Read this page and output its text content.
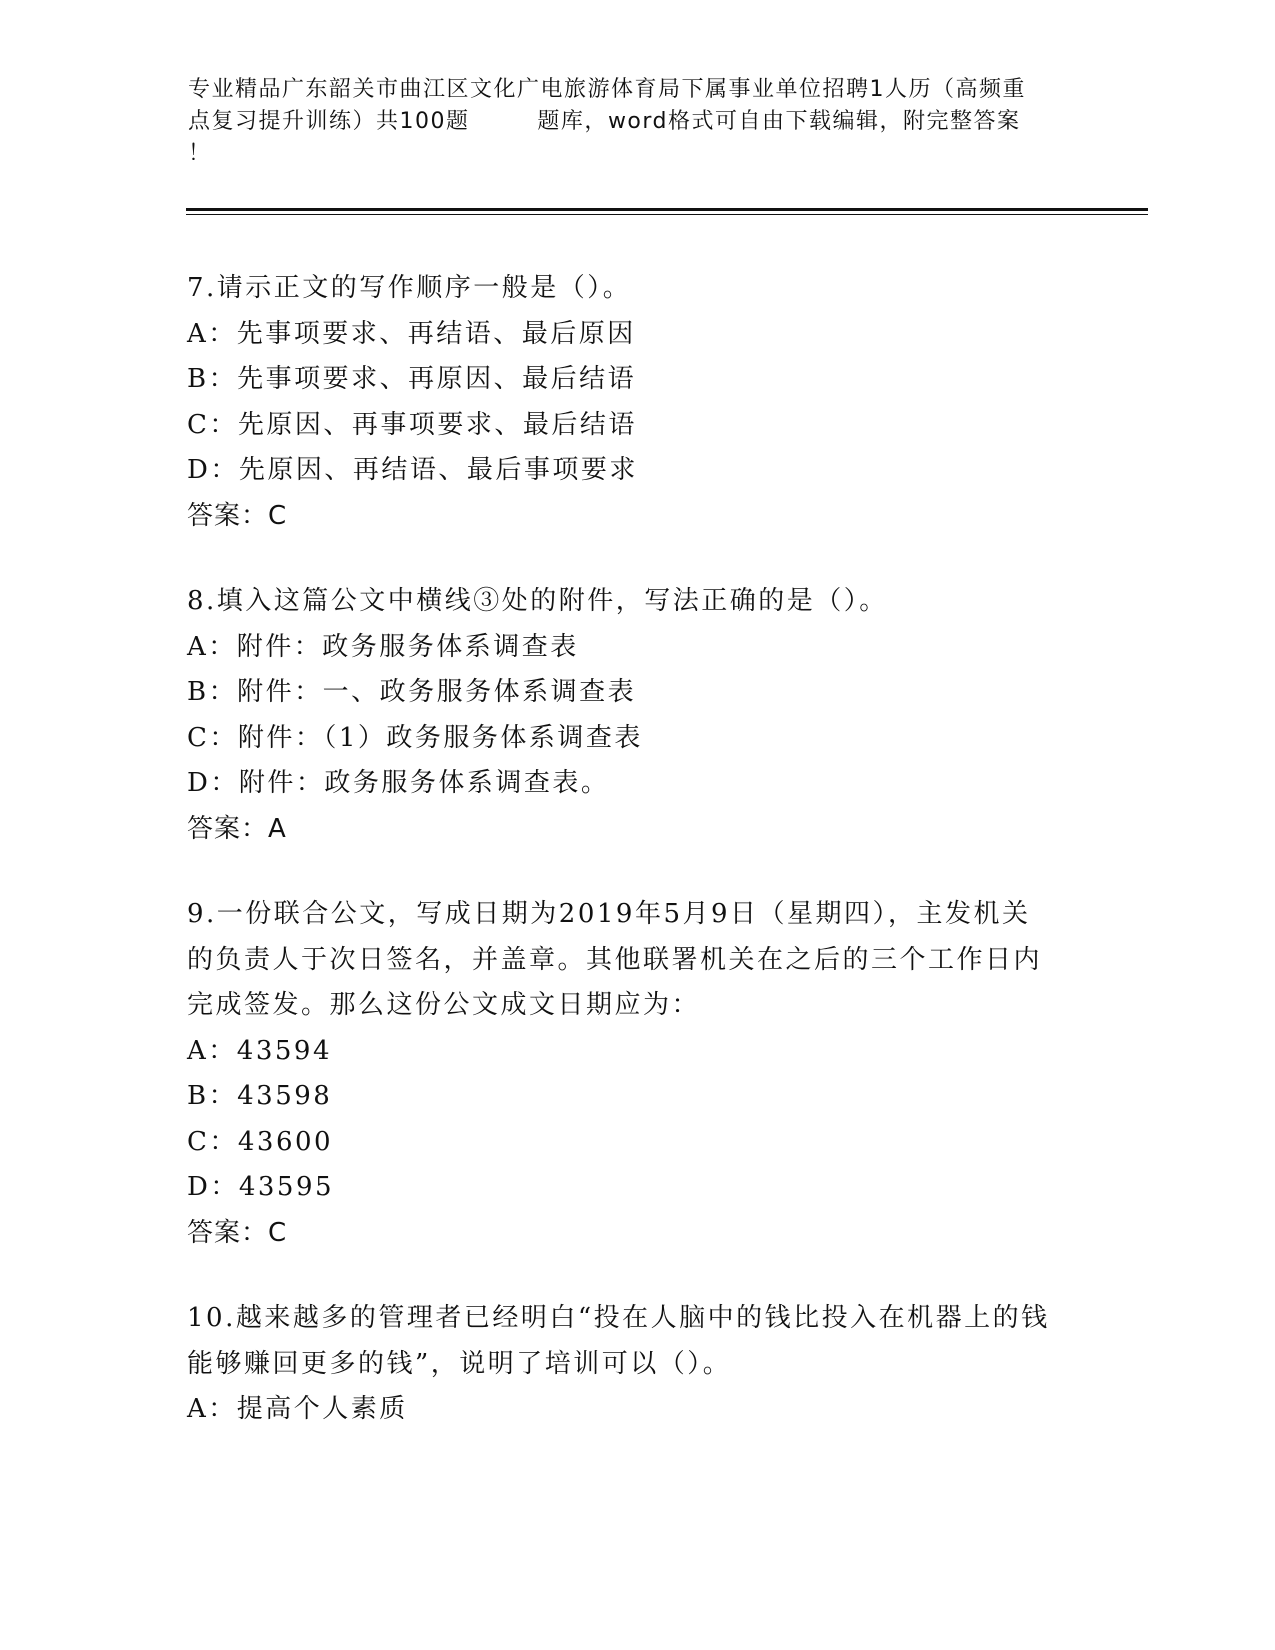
专业精品广东韶关市曲江区文化广电旅游体育局下属事业单位招聘1人历（高频重
点复习提升训练）共100题        题库，word格式可自由下载编辑，附完整答案
！
7.请示正文的写作顺序一般是（）。
A：先事项要求、再结语、最后原因
B：先事项要求、再原因、最后结语
C：先原因、再事项要求、最后结语
D：先原因、再结语、最后事项要求
答案：C
8.填入这篇公文中横线③处的附件，写法正确的是（）。
A：附件：政务服务体系调查表
B：附件：一、政务服务体系调查表
C：附件：（1）政务服务体系调查表
D：附件：政务服务体系调查表。
答案：A
9.一份联合公文，写成日期为2019年5月9日（星期四），主发机关
的负责人于次日签名，并盖章。其他联署机关在之后的三个工作日内
完成签发。那么这份公文成文日期应为：
A：43594
B：43598
C：43600
D：43595
答案：C
10.越来越多的管理者已经明白“投在人脑中的钱比投入在机器上的钱
能够赚回更多的钱”，说明了培训可以（）。
A：提高个人素质
